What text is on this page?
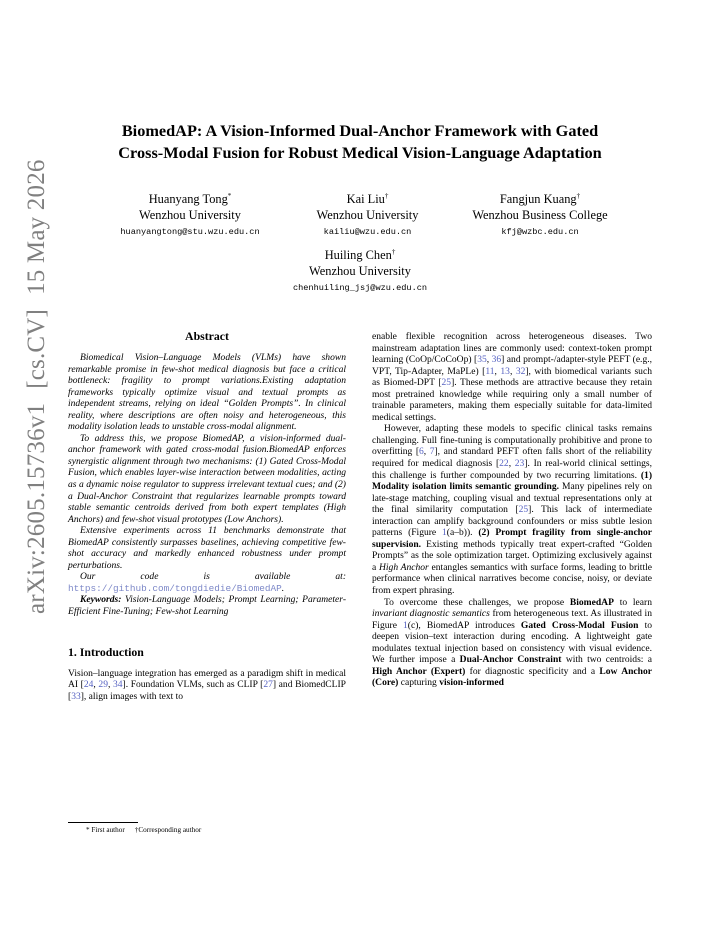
arXiv:2605.15736v1[cs.CV]15 May 2026
BiomedAP: A Vision-Informed Dual-Anchor Framework with Gated
Cross-Modal Fusion for Robust Medical Vision-Language Adaptation
Huanyang Tong*
Wenzhou University
huanyangtong@stu.wzu.edu.cn
Kai Liu†
Wenzhou University
kailiu@wzu.edu.cn
Fangjun Kuang†
Wenzhou Business College
kfj@wzbc.edu.cn
Huiling Chen†
Wenzhou University
chenhuiling_jsj@wzu.edu.cn
Abstract

Biomedical Vision–Language Models (VLMs) have shown remarkable promise in few-shot medical diagnosis but face a critical bottleneck: fragility to prompt variations.Existing adaptation frameworks typically optimize visual and textual prompts as independent streams, relying on ideal “Golden Prompts”. In clinical reality, where descriptions are often noisy and heterogeneous, this modality isolation leads to unstable cross-modal alignment.

To address this, we propose BiomedAP, a vision-informed dual-anchor framework with gated cross-modal fusion.BiomedAP enforces synergistic alignment through two mechanisms: (1) Gated Cross-Modal Fusion, which enables layer-wise interaction between modalities, acting as a dynamic noise regulator to suppress irrelevant textual cues; and (2) a Dual-Anchor Constraint that regularizes learnable prompts toward stable semantic centroids derived from both expert templates (High Anchors) and few-shot visual prototypes (Low Anchors).

Extensive experiments across 11 benchmarks demonstrate that BiomedAP consistently surpasses baselines, achieving competitive few-shot accuracy and markedly enhanced robustness under prompt perturbations.

Our code is available at: https://github.com/tongdiedie/BiomedAP.

Keywords: Vision-Language Models; Prompt Learning; Parameter-Efficient Fine-Tuning; Few-shot Learning

1. Introduction

Vision–language integration has emerged as a paradigm shift in medical AI [24, 29, 34]. Foundation VLMs, such as CLIP [27] and BiomedCLIP [33], align images with text to

enable flexible recognition across heterogeneous diseases. Two mainstream adaptation lines are commonly used: context-token prompt learning (CoOp/CoCoOp) [35, 36] and prompt-/adapter-style PEFT (e.g., VPT, Tip-Adapter, MaPLe) [11, 13, 32], with biomedical variants such as Biomed-DPT [25]. These methods are attractive because they retain most pretrained knowledge while requiring only a small number of trainable parameters, making them especially suitable for data-limited medical settings.

However, adapting these models to specific clinical tasks remains challenging. Full fine-tuning is computationally prohibitive and prone to overfitting [6, 7], and standard PEFT often falls short of the reliability required for medical diagnosis [22, 23]. In real-world clinical settings, this challenge is further compounded by two recurring limitations. (1) Modality isolation limits semantic grounding. Many pipelines rely on late-stage matching, coupling visual and textual representations only at the final similarity computation [25]. This lack of intermediate interaction can amplify background confounders or miss subtle lesion patterns (Figure 1(a–b)). (2) Prompt fragility from single-anchor supervision. Existing methods typically treat expert-crafted “Golden Prompts” as the sole optimization target. Optimizing exclusively against a High Anchor entangles semantics with surface forms, leading to brittle performance when clinical narratives become concise, noisy, or deviate from expert phrasing.

To overcome these challenges, we propose BiomedAP to learn invariant diagnostic semantics from heterogeneous text. As illustrated in Figure 1(c), BiomedAP introduces Gated Cross-Modal Fusion to deepen vision–text interaction during encoding. A lightweight gate modulates textual injection based on consistency with visual evidence. We further impose a Dual-Anchor Constraint with two centroids: a High Anchor (Expert) for diagnostic specificity and a Low Anchor (Core) capturing vision-informed

* First author †Corresponding author
